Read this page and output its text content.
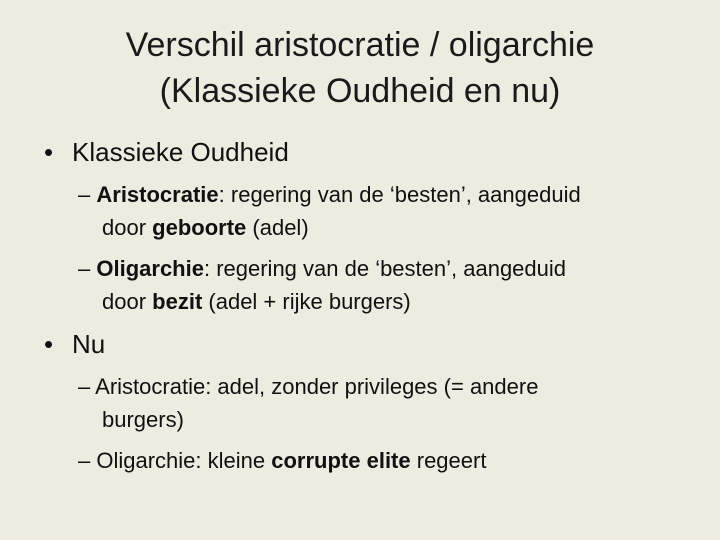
Verschil aristocratie / oligarchie
(Klassieke Oudheid en nu)
• Klassieke Oudheid
– Aristocratie: regering van de ‘besten’, aangeduid
door geboorte (adel)
– Oligarchie: regering van de ‘besten’, aangeduid
door bezit (adel + rijke burgers)
• Nu
– Aristocratie: adel, zonder privileges (= andere
burgers)
– Oligarchie: kleine corrupte elite regeert
